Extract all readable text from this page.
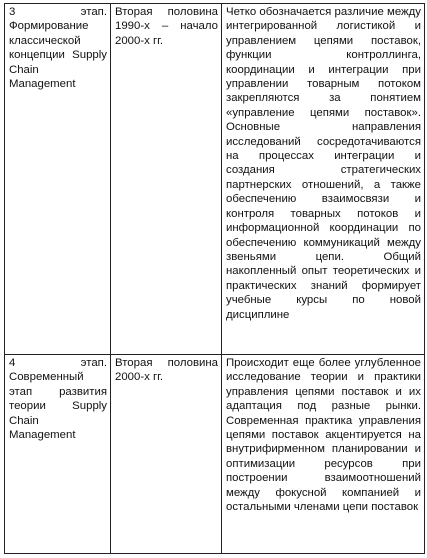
3 этап. Формирование классической концепции Supply Chain Management	Вторая половина 1990-х – начало 2000-х гг.	Четко обозначается различие между интегрированной логистикой и управлением цепями поставок, функции контроллинга, координации и интеграции при управлении товарным потоком закрепляются за понятием «управление цепями поставок». Основные направления исследований сосредотачиваются на процессах интеграции и создания стратегических партнерских отношений, а также обеспечению взаимосвязи и контроля товарных потоков и информационной координации по обеспечению коммуникаций между звеньями цепи. Общий накопленный опыт теоретических и практических знаний формирует учебные курсы по новой дисциплине

4 этап. Современный этап развития теории Supply Chain Management	Вторая половина 2000-х гг.	Происходит еще более углубленное исследование теории и практики управления цепями поставок и их адаптация под разные рынки. Современная практика управления цепями поставок акцентируется на внутрифирменном планировании и оптимизации ресурсов при построении взаимоотношений между фокусной компанией и остальными членами цепи поставок
